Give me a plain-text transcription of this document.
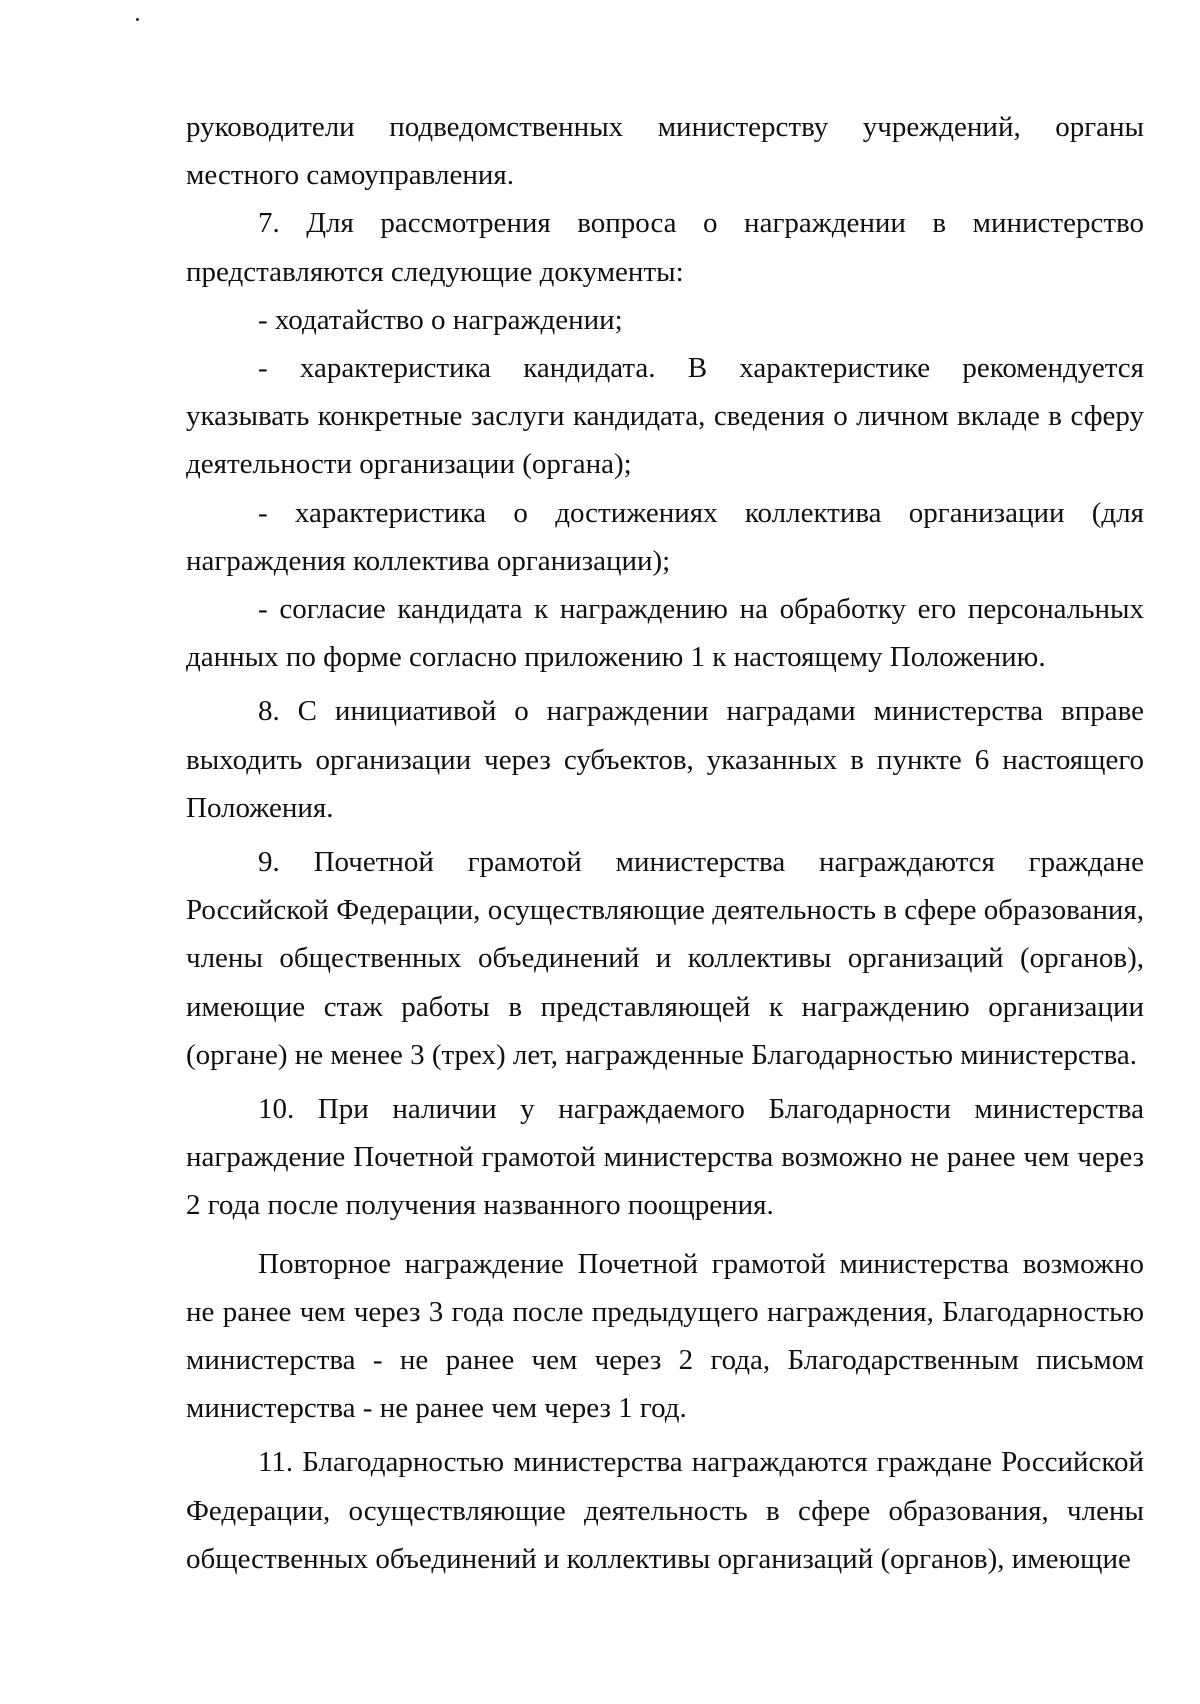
руководители подведомственных министерству учреждений, органы местного самоуправления.

7. Для рассмотрения вопроса о награждении в министерство представляются следующие документы:

- ходатайство о награждении;

- характеристика кандидата. В характеристике рекомендуется указывать конкретные заслуги кандидата, сведения о личном вкладе в сферу деятельности организации (органа);

- характеристика о достижениях коллектива организации (для награждения коллектива организации);

- согласие кандидата к награждению на обработку его персональных данных по форме согласно приложению 1 к настоящему Положению.

8. С инициативой о награждении наградами министерства вправе выходить организации через субъектов, указанных в пункте 6 настоящего Положения.

9. Почетной грамотой министерства награждаются граждане Российской Федерации, осуществляющие деятельность в сфере образования, члены общественных объединений и коллективы организаций (органов), имеющие стаж работы в представляющей к награждению организации (органе) не менее 3 (трех) лет, награжденные Благодарностью министерства.

10. При наличии у награждаемого Благодарности министерства награждение Почетной грамотой министерства возможно не ранее чем через 2 года после получения названного поощрения.

Повторное награждение Почетной грамотой министерства возможно не ранее чем через 3 года после предыдущего награждения, Благодарностью министерства - не ранее чем через 2 года, Благодарственным письмом министерства - не ранее чем через 1 год.

11. Благодарностью министерства награждаются граждане Российской Федерации, осуществляющие деятельность в сфере образования, члены общественных объединений и коллективы организаций (органов), имеющие
